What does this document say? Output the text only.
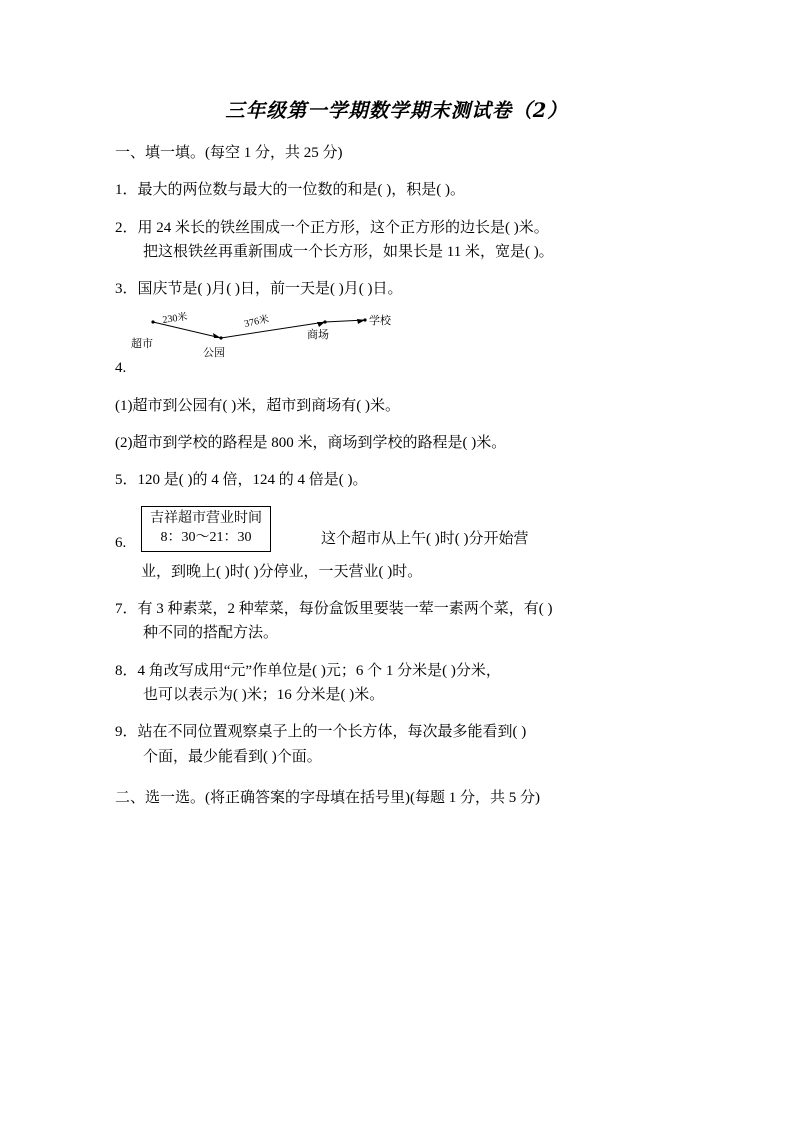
三年级第一学期数学期末测试卷（2）
一、填一填。(每空 1 分，共 25 分)
1．最大的两位数与最大的一位数的和是( )，积是( )。
2．用 24 米长的铁丝围成一个正方形，这个正方形的边长是( )米。
把这根铁丝再重新围成一个长方形，如果长是 11 米，宽是( )。
3．国庆节是( )月( )日，前一天是( )月( )日。
超市
公园
商场
学校
230米	376米
4.
(1)超市到公园有( )米，超市到商场有( )米。
(2)超市到学校的路程是 800 米，商场到学校的路程是( )米。
5．120 是( )的 4 倍，124 的 4 倍是( )。
6.
吉祥超市营业时间
8：30～21：30	这个超市从上午( )时( )分开始营
业，到晚上( )时( )分停业，一天营业( )时。
7．有 3 种素菜，2 种荤菜，每份盒饭里要装一荤一素两个菜，有( )
种不同的搭配方法。
8．4 角改写成用“元”作单位是( )元；6 个 1 分米是( )分米，
也可以表示为( )米；16 分米是( )米。
9．站在不同位置观察桌子上的一个长方体，每次最多能看到( )
个面，最少能看到( )个面。
二、选一选。(将正确答案的字母填在括号里)(每题 1 分，共 5 分)
